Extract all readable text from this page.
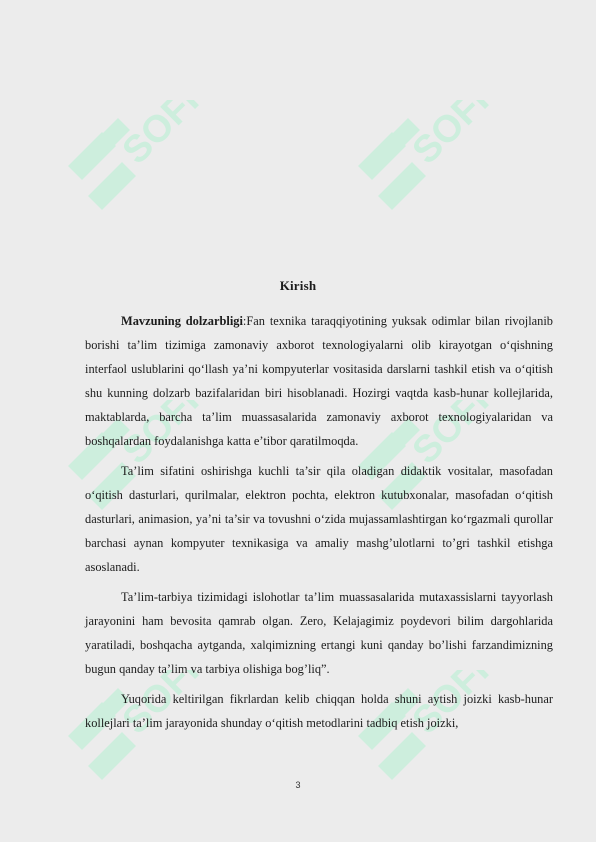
Kirish

Mavzuning dolzarbligi:Fan texnika taraqqiyotining yuksak odimlar bilan rivojlanib borishi ta’lim tizimiga zamonaviy axborot texnologiyalarni olib kirayotgan o‘qishning interfaol uslublarini qo‘llash ya’ni kompyuterlar vositasida darslarni tashkil etish va o‘qitish shu kunning dolzarb bazifalaridan biri hisoblanadi. Hozirgi vaqtda kasb-hunar kollejlarida, maktablarda, barcha ta’lim muassasalarida zamonaviy axborot texnologiyalaridan va boshqalardan foydalanishga katta e’tibor qaratilmoqda.

Ta’lim sifatini oshirishga kuchli ta’sir qila oladigan didaktik vositalar, masofadan o‘qitish dasturlari, qurilmalar, elektron pochta, elektron kutubxonalar, masofadan o‘qitish dasturlari, animasion, ya’ni ta’sir va tovushni o‘zida mujassamlashtirgan ko‘rgazmali qurollar barchasi aynan kompyuter texnikasiga va amaliy mashg’ulotlarni to’gri tashkil etishga asoslanadi.

Ta’lim-tarbiya tizimidagi islohotlar ta’lim muassasalarida mutaxassislarni tayyorlash jarayonini ham bevosita qamrab olgan. Zero, Kelajagimiz poydevori bilim dargohlarida yaratiladi, boshqacha aytganda, xalqimizning ertangi kuni qanday bo’lishi farzandimizning bugun qanday ta’lim va tarbiya olishiga bog’liq”.

Yuqorida keltirilgan fikrlardan kelib chiqqan holda shuni aytish joizki kasb-hunar kollejlari ta’lim jarayonida shunday o‘qitish metodlarini tadbiq etish joizki,

3
